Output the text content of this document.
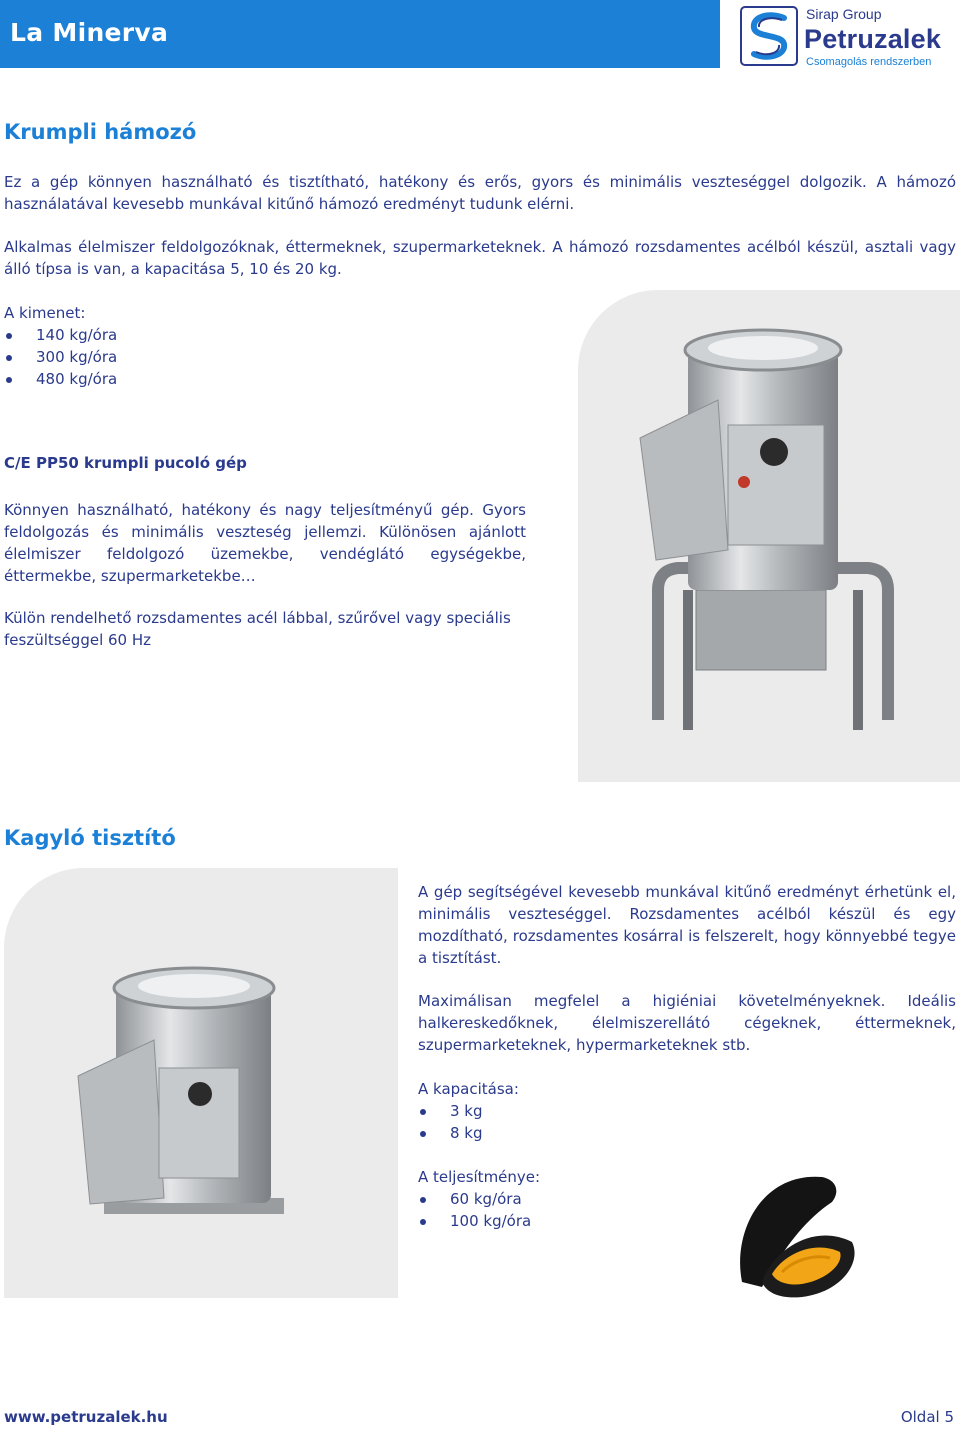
La Minerva
Sirap Group
Petruzalek
Csomagolás rendszerben
Krumpli hámozó

Ez a gép könnyen használható és tisztítható, hatékony és erős, gyors és minimális veszteséggel dolgozik. A hámozó használatával kevesebb munkával kitűnő hámozó eredményt tudunk elérni.

Alkalmas élelmiszer feldolgozóknak, éttermeknek, szupermarketeknek. A hámozó rozsdamentes acélból készül, asztali vagy álló típsa is van, a kapacitása 5, 10 és 20 kg.

A kimenet:
140 kg/óra
300 kg/óra
480 kg/óra
C/E PP50 krumpli pucoló gép

Könnyen használható, hatékony és nagy teljesítményű gép. Gyors feldolgozás és minimális veszteség jellemzi. Különösen ajánlott élelmiszer feldolgozó üzemekbe, vendéglátó egységekbe, éttermekbe, szupermarketekbe…

Külön rendelhető rozsdamentes acél lábbal, szűrővel vagy speciális feszültséggel 60 Hz

Kagyló tisztító

A gép segítségével kevesebb munkával kitűnő eredményt érhetünk el, minimális veszteséggel. Rozsdamentes acélból készül és egy mozdítható, rozsdamentes kosárral is felszerelt, hogy könnyebbé tegye a tisztítást.

Maximálisan megfelel a higiéniai követelményeknek. Ideális halkereskedőknek, élelmiszerellátó cégeknek, éttermeknek, szupermarketeknek, hypermarketeknek stb.

A kapacitása:
3 kg
8 kg
A teljesítménye:
60 kg/óra
100 kg/óra
www.petruzalek.hu	Oldal 5
